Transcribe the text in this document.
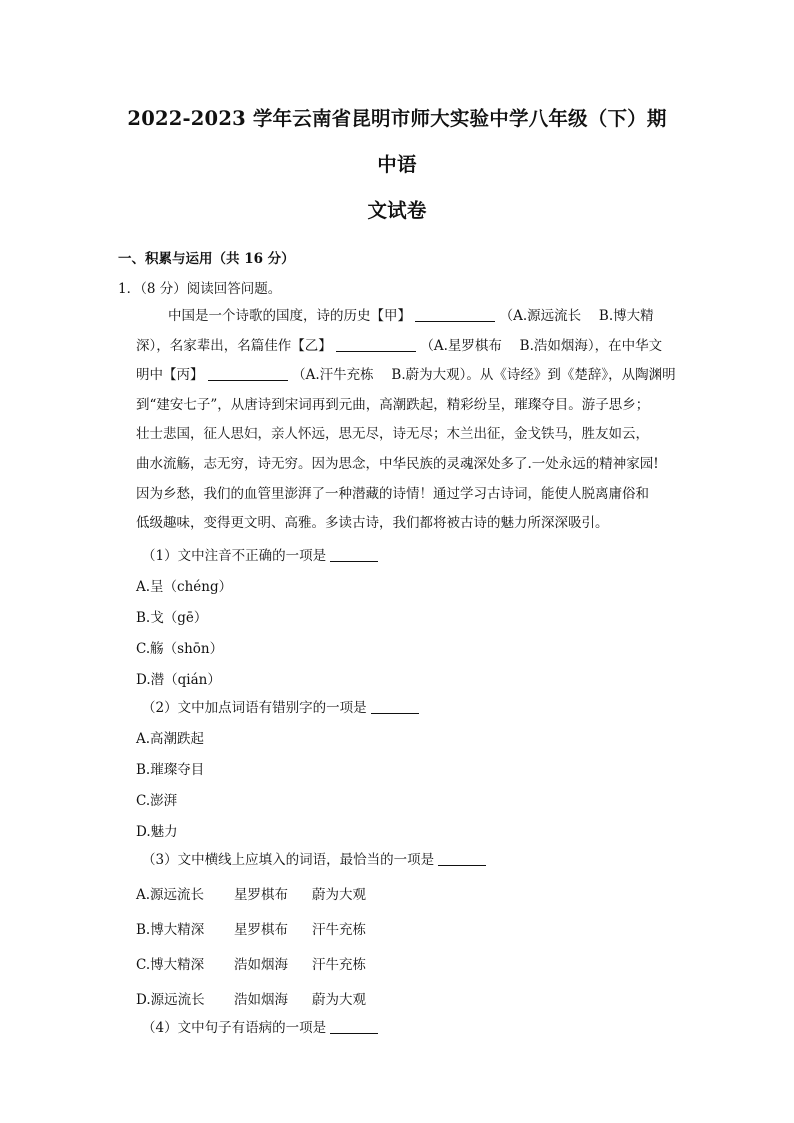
2022-2023 学年云南省昆明市师大实验中学八年级（下）期中语
文试卷
一、积累与运用（共 16 分）
1．（8 分）阅读回答问题。
中国是一个诗歌的国度，诗的历史【甲】	（A.源远流长　 B.博大精
深），名家辈出，名篇佳作【乙】	（A.星罗棋布　 B.浩如烟海），在中华文
明中【丙】	（A.汗牛充栋　 B.蔚为大观）。从《诗经》到《楚辞》，从陶渊明
到“建安七子”，从唐诗到宋词再到元曲，高潮跌起，精彩纷呈，璀璨夺目。游子思乡；
壮士悲国，征人思妇，亲人怀远，思无尽，诗无尽；木兰出征，金戈铁马，胜友如云，
曲水流觞，志无穷，诗无穷。因为思念，中华民族的灵魂深处多了.一处永远的精神家园!
因为乡愁，我们的血管里澎湃了一种潜藏的诗情！通过学习古诗词，能使人脱离庸俗和
低级趣味，变得更文明、高雅。多读古诗，我们都将被古诗的魅力所深深吸引。
（1）文中注音不正确的一项是
A.呈（chéng）
B.戈（gē）
C.觞（shōn）
D.潜（qián）
（2）文中加点词语有错别字的一项是
A.高潮跌起
B.璀璨夺目
C.澎湃
D.魅力
（3）文中横线上应填入的词语，最恰当的一项是
A.源远流长 星罗棋布 蔚为大观
B.博大精深 星罗棋布 汗牛充栋
C.博大精深 浩如烟海 汗牛充栋
D.源远流长 浩如烟海 蔚为大观
（4）文中句子有语病的一项是
